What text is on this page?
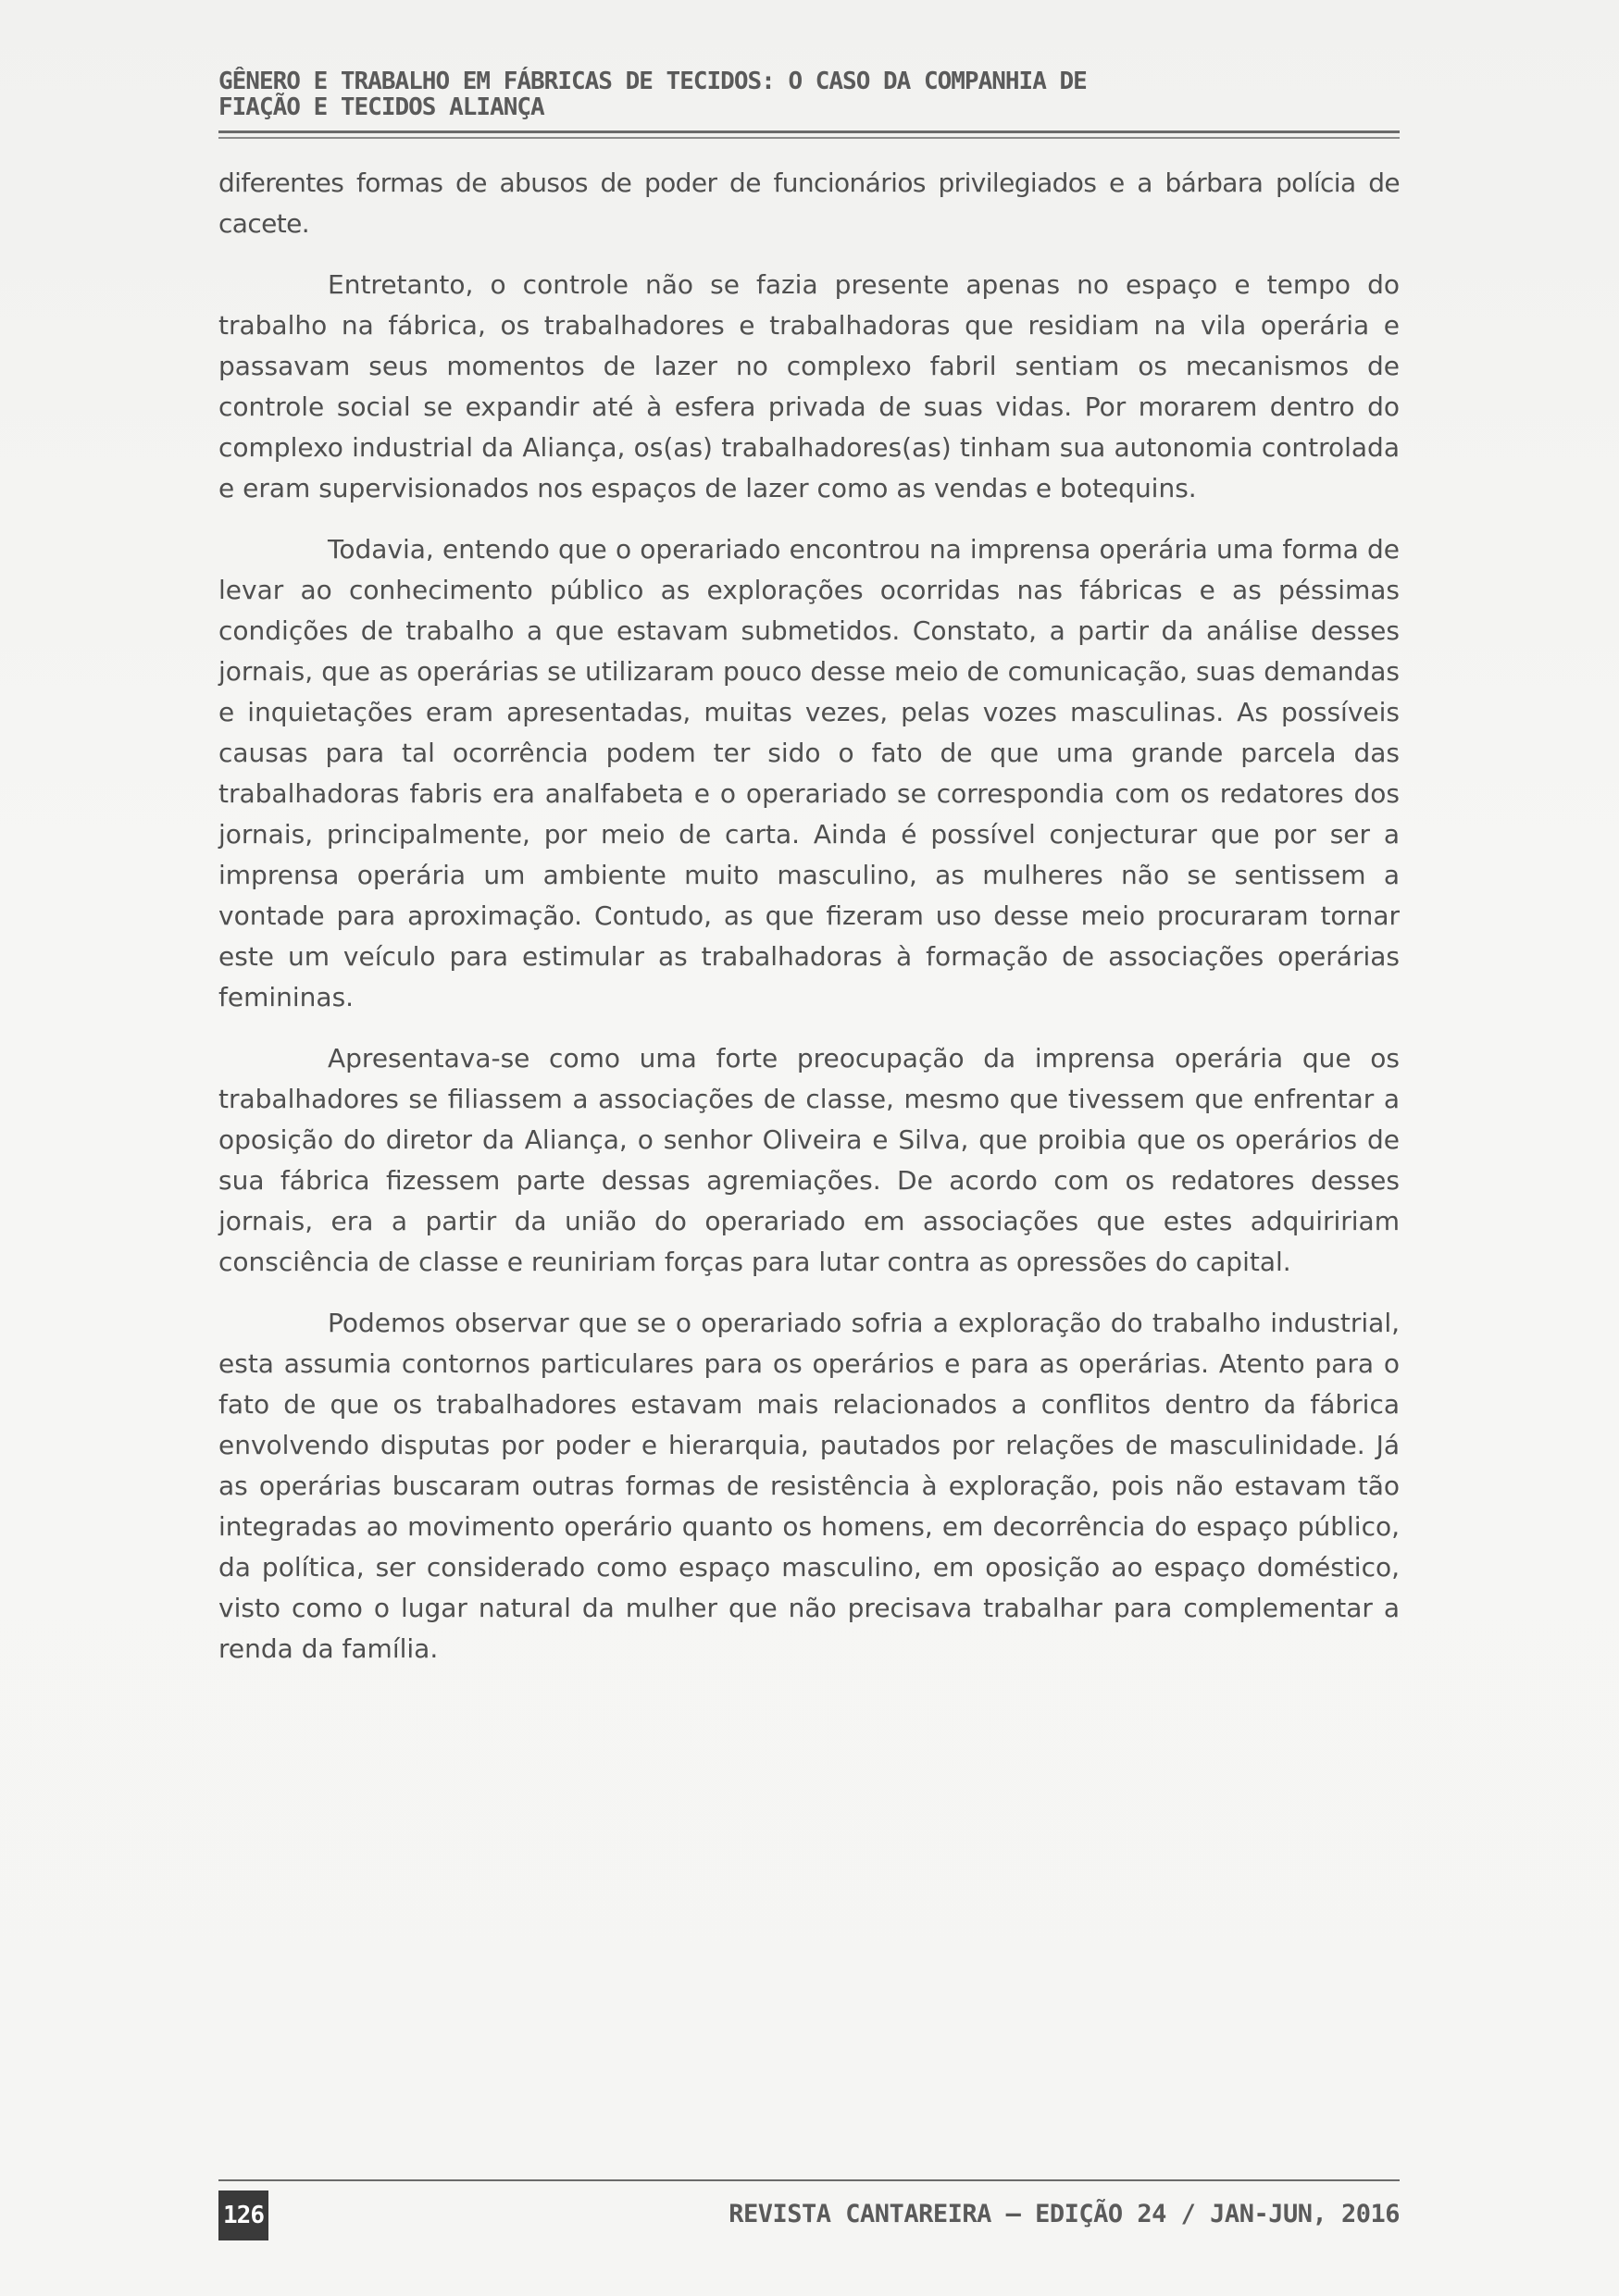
GÊNERO E TRABALHO EM FÁBRICAS DE TECIDOS: O CASO DA COMPANHIA DE FIAÇÃO E TECIDOS ALIANÇA

diferentes formas de abusos de poder de funcionários privilegiados e a bárbara polícia de cacete.

Entretanto, o controle não se fazia presente apenas no espaço e tempo do trabalho na fábrica, os trabalhadores e trabalhadoras que residiam na vila operária e passavam seus momentos de lazer no complexo fabril sentiam os mecanismos de controle social se expandir até à esfera privada de suas vidas. Por morarem dentro do complexo industrial da Aliança, os(as) trabalhadores(as) tinham sua autonomia controlada e eram supervisionados nos espaços de lazer como as vendas e botequins.

Todavia, entendo que o operariado encontrou na imprensa operária uma forma de levar ao conhecimento público as explorações ocorridas nas fábricas e as péssimas condições de trabalho a que estavam submetidos. Constato, a partir da análise desses jornais, que as operárias se utilizaram pouco desse meio de comunicação, suas demandas e inquietações eram apresentadas, muitas vezes, pelas vozes masculinas. As possíveis causas para tal ocorrência podem ter sido o fato de que uma grande parcela das trabalhadoras fabris era analfabeta e o operariado se correspondia com os redatores dos jornais, principalmente, por meio de carta. Ainda é possível conjecturar que por ser a imprensa operária um ambiente muito masculino, as mulheres não se sentissem a vontade para aproximação. Contudo, as que fizeram uso desse meio procuraram tornar este um veículo para estimular as trabalhadoras à formação de associações operárias femininas.

Apresentava-se como uma forte preocupação da imprensa operária que os trabalhadores se filiassem a associações de classe, mesmo que tivessem que enfrentar a oposição do diretor da Aliança, o senhor Oliveira e Silva, que proibia que os operários de sua fábrica fizessem parte dessas agremiações. De acordo com os redatores desses jornais, era a partir da união do operariado em associações que estes adquiririam consciência de classe e reuniriam forças para lutar contra as opressões do capital.

Podemos observar que se o operariado sofria a exploração do trabalho industrial, esta assumia contornos particulares para os operários e para as operárias. Atento para o fato de que os trabalhadores estavam mais relacionados a conflitos dentro da fábrica envolvendo disputas por poder e hierarquia, pautados por relações de masculinidade. Já as operárias buscaram outras formas de resistência à exploração, pois não estavam tão integradas ao movimento operário quanto os homens, em decorrência do espaço público, da política, ser considerado como espaço masculino, em oposição ao espaço doméstico, visto como o lugar natural da mulher que não precisava trabalhar para complementar a renda da família.

126	REVISTA CANTAREIRA – EDIÇÃO 24 / JAN-JUN, 2016
